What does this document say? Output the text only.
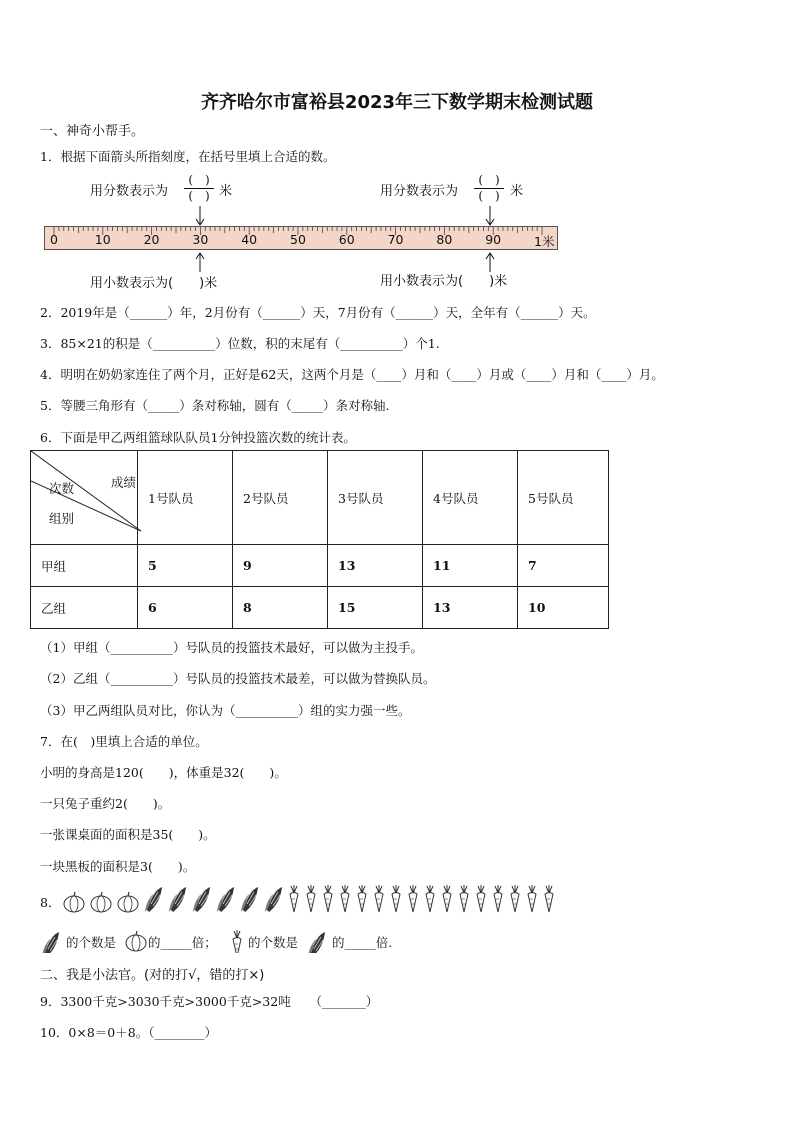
齐齐哈尔市富裕县2023年三下数学期末检测试题
一、神奇小帮手。
1．根据下面箭头所指刻度，在括号里填上合适的数。
用分数表示为
(　)
(　) 米	用分数表示为
(　)
(　) 米
0	10	20	30	40	50	60	70	80	90	1米
用小数表示为(　　)米	用小数表示为(　　)米
2．2019年是（______）年，2月份有（______）天，7月份有（______）天，全年有（______）天。
3．85×21的积是（__________）位数，积的末尾有（__________）个1.
4．明明在奶奶家连住了两个月，正好是62天，这两个月是（____）月和（____）月或（____）月和（____）月。
5．等腰三角形有（_____）条对称轴，圆有（_____）条对称轴.
6．下面是甲乙两组篮球队队员1分钟投篮次数的统计表。
成绩
次数
组别	1号队员	2号队员	3号队员	4号队员	5号队员
甲组	5	9	13	11	7
乙组	6	8	15	13	10
（1）甲组（__________）号队员的投篮技术最好，可以做为主投手。
（2）乙组（__________）号队员的投篮技术最差，可以做为替换队员。
（3）甲乙两组队员对比，你认为（__________）组的实力强一些。
7．在(　)里填上合适的单位。
小明的身高是120(　　)，体重是32(　　)。
一只兔子重约2(　　)。
一张课桌面的面积是35(　　)。
一块黑板的面积是3(　　)。
8．
的个数是	的_____倍； 的个数是	的_____倍.
二、我是小法官。(对的打√，错的打×)
9．3300千克>3030千克>3000千克>32吨　　（_______）
10．0×8＝0＋8。（________）
